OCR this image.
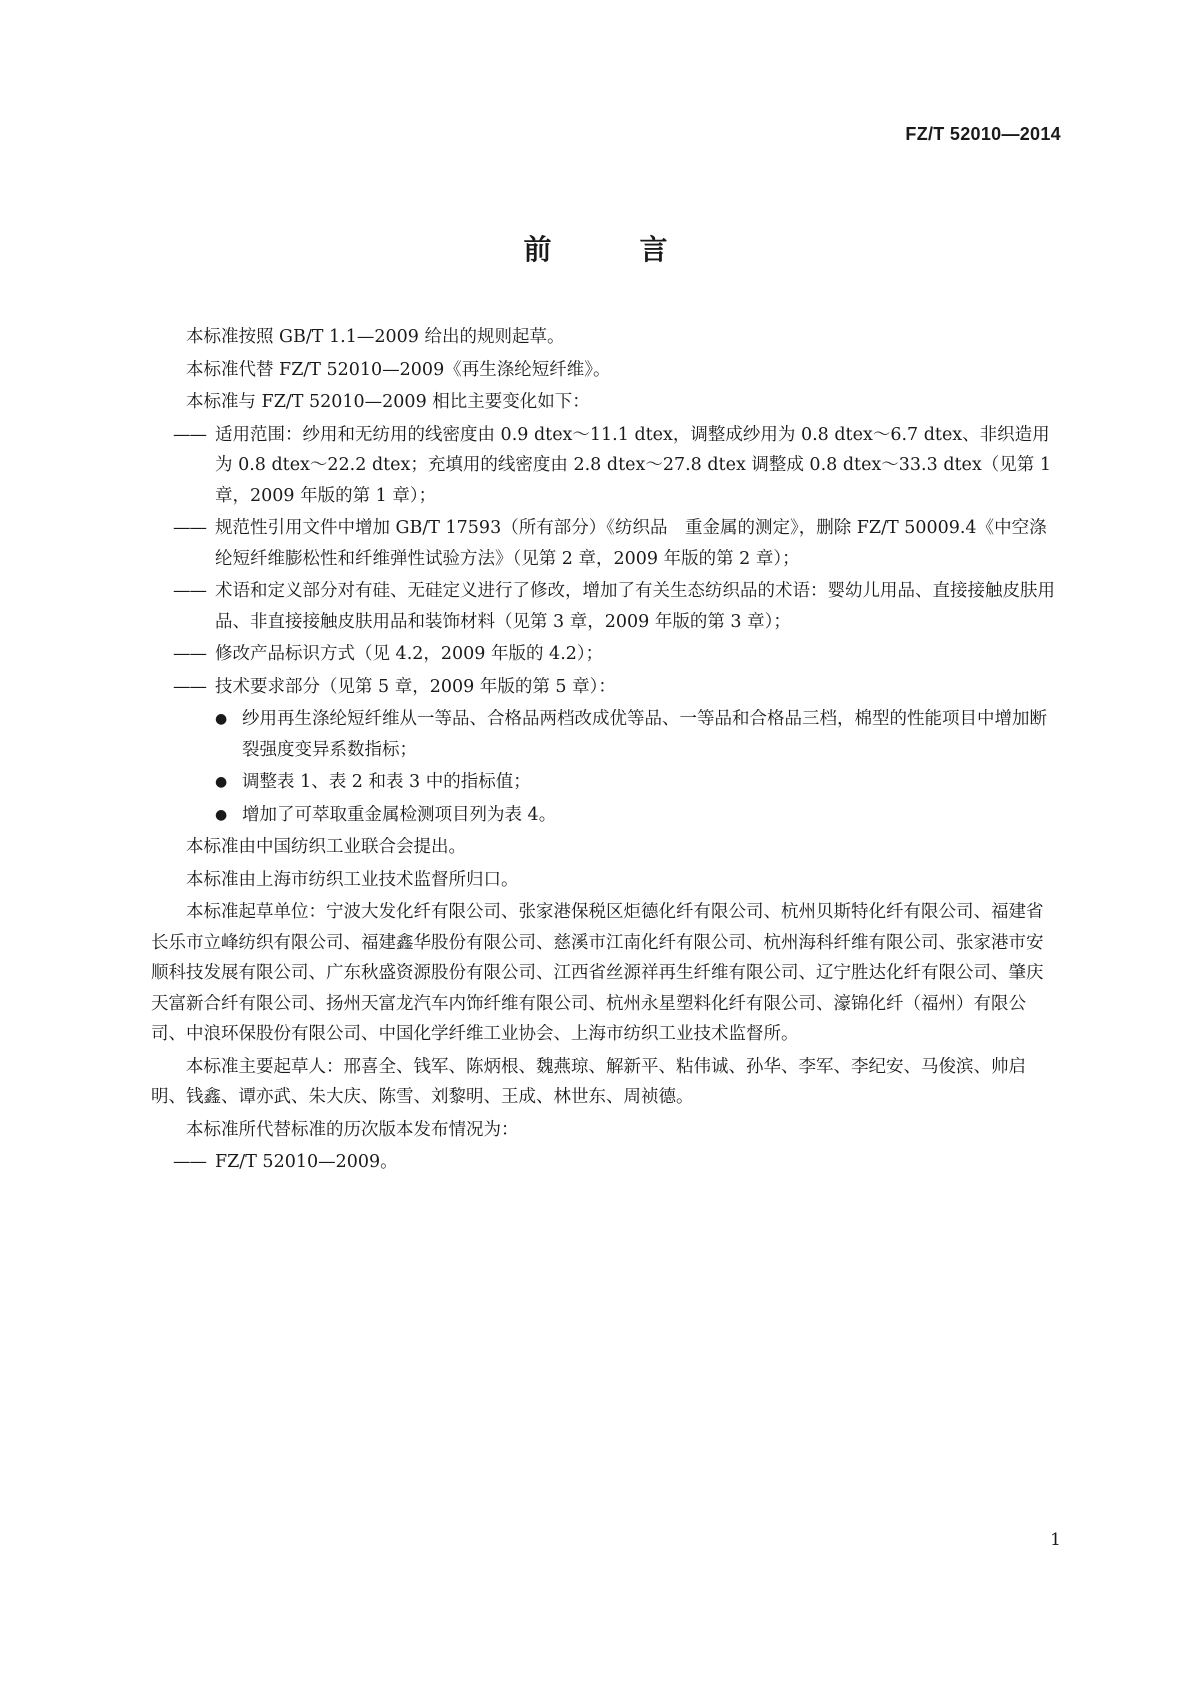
FZ/T 52010—2014
前　言
本标准按照 GB/T 1.1—2009 给出的规则起草。
本标准代替 FZ/T 52010—2009《再生涤纶短纤维》。
本标准与 FZ/T 52010—2009 相比主要变化如下：
—— 适用范围：纱用和无纺用的线密度由 0.9 dtex～11.1 dtex，调整成纱用为 0.8 dtex～6.7 dtex、非织造用为 0.8 dtex～22.2 dtex；充填用的线密度由 2.8 dtex～27.8 dtex 调整成 0.8 dtex～33.3 dtex（见第 1 章，2009 年版的第 1 章）；
—— 规范性引用文件中增加 GB/T 17593（所有部分）《纺织品　重金属的测定》，删除 FZ/T 50009.4《中空涤纶短纤维膨松性和纤维弹性试验方法》（见第 2 章，2009 年版的第 2 章）；
—— 术语和定义部分对有硅、无硅定义进行了修改，增加了有关生态纺织品的术语：婴幼儿用品、直接接触皮肤用品、非直接接触皮肤用品和装饰材料（见第 3 章，2009 年版的第 3 章）；
—— 修改产品标识方式（见 4.2，2009 年版的 4.2）；
—— 技术要求部分（见第 5 章，2009 年版的第 5 章）：
● 纱用再生涤纶短纤维从一等品、合格品两档改成优等品、一等品和合格品三档，棉型的性能项目中增加断裂强度变异系数指标；
● 调整表 1、表 2 和表 3 中的指标值；
● 增加了可萃取重金属检测项目列为表 4。
本标准由中国纺织工业联合会提出。
本标准由上海市纺织工业技术监督所归口。
本标准起草单位：宁波大发化纤有限公司、张家港保税区炬德化纤有限公司、杭州贝斯特化纤有限公司、福建省长乐市立峰纺织有限公司、福建鑫华股份有限公司、慈溪市江南化纤有限公司、杭州海科纤维有限公司、张家港市安顺科技发展有限公司、广东秋盛资源股份有限公司、江西省丝源祥再生纤维有限公司、辽宁胜达化纤有限公司、肇庆天富新合纤有限公司、扬州天富龙汽车内饰纤维有限公司、杭州永星塑料化纤有限公司、濠锦化纤（福州）有限公司、中浪环保股份有限公司、中国化学纤维工业协会、上海市纺织工业技术监督所。
本标准主要起草人：邢喜全、钱军、陈炳根、魏燕琼、解新平、粘伟诚、孙华、李军、李纪安、马俊滨、帅启明、钱鑫、谭亦武、朱大庆、陈雪、刘黎明、王成、林世东、周祯德。
本标准所代替标准的历次版本发布情况为：
—— FZ/T 52010—2009。
1
